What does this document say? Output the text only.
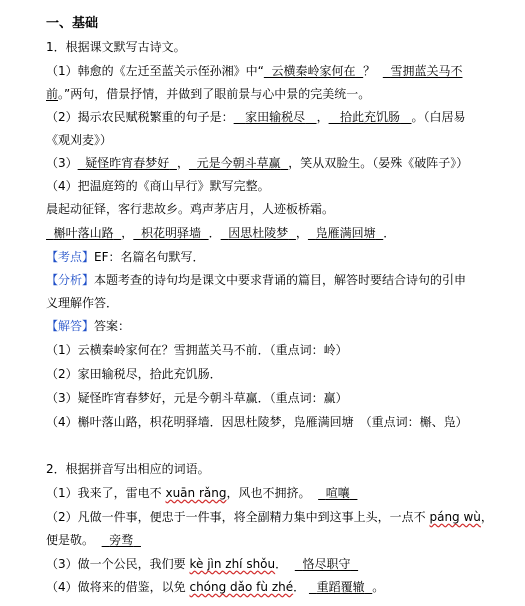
一、基础
1．根据课文默写古诗文。
（1）韩愈的《左迁至蓝关示侄孙湘》中“ 云横秦岭家何在 ？ 雪拥蓝关马不
前。”两句，借景抒情，并做到了眼前景与心中景的完美统一。
（2）揭示农民赋税繁重的句子是： 家田输税尽 ， 拾此充饥肠 。（白居易
《观刈麦》）
（3） 疑怪昨宵春梦好 ， 元是今朝斗草赢 ，笑从双脸生。（晏殊《破阵子》）
（4）把温庭筠的《商山早行》默写完整。
晨起动征铎，客行悲故乡。鸡声茅店月，人迹板桥霜。
槲叶落山路 ， 枳花明驿墙 ． 因思杜陵梦 ， 凫雁满回塘 ．
【考点】EF：名篇名句默写．
【分析】本题考查的诗句均是课文中要求背诵的篇目，解答时要结合诗句的引申
义理解作答．
【解答】答案：
（1）云横秦岭家何在？雪拥蓝关马不前．（重点词：岭）
（2）家田输税尽，拾此充饥肠．
（3）疑怪昨宵春梦好，元是今朝斗草赢．（重点词：赢）
（4）槲叶落山路，枳花明驿墙．因思杜陵梦，凫雁满回塘　（重点词：槲、凫）
2．根据拼音写出相应的词语。
（1）我来了，雷电不 xuān rǎng，风也不拥挤。 喧嚷
（2）凡做一件事，便忠于一件事，将全副精力集中到这事上头，一点不 páng wù，
便是敬。 旁骛
（3）做一个公民，我们要 kè jìn zhí shǒu． 恪尽职守
（4）做将来的借鉴，以免 chóng dǎo fù zhé． 重蹈覆辙 。
